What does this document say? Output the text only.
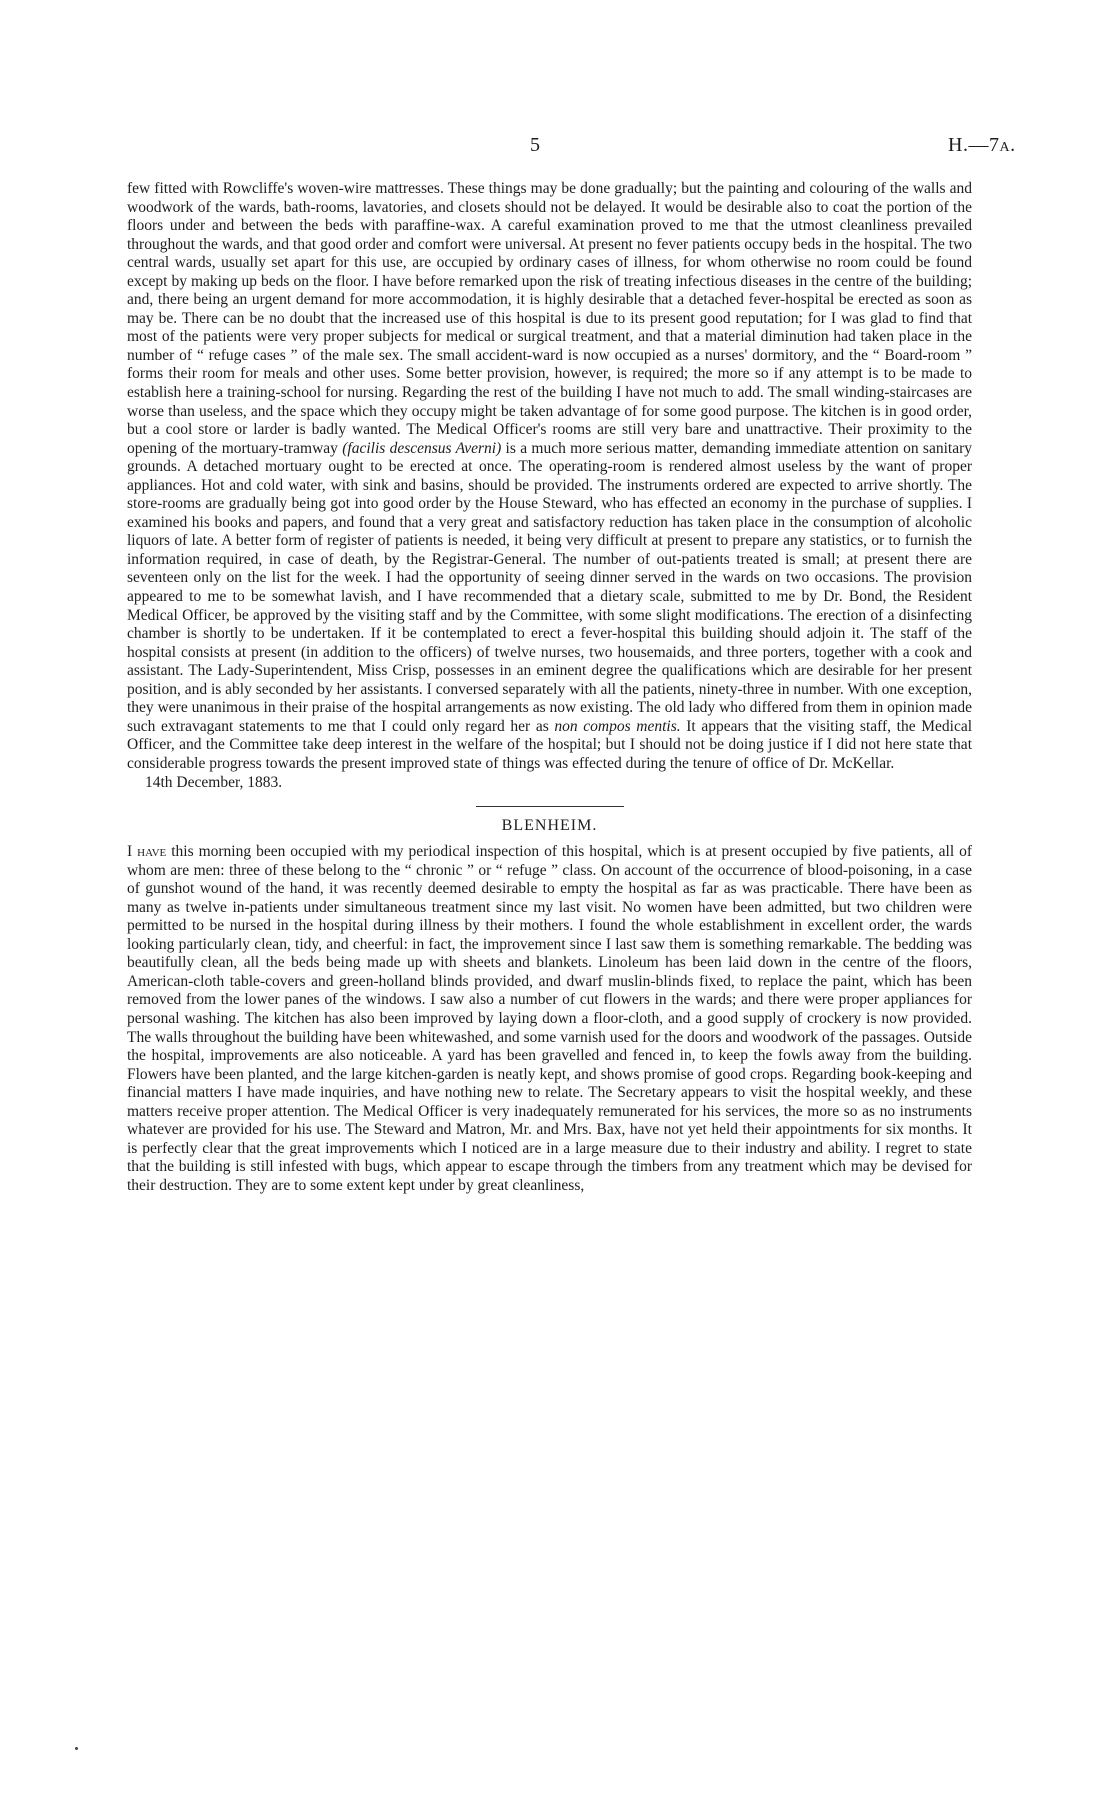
5	H.—7A.

few fitted with Rowcliffe's woven-wire mattresses. These things may be done gradually; but the painting and colouring of the walls and woodwork of the wards, bath-rooms, lavatories, and closets should not be delayed. It would be desirable also to coat the portion of the floors under and between the beds with paraffine-wax. A careful examination proved to me that the utmost cleanliness prevailed throughout the wards, and that good order and comfort were universal. At present no fever patients occupy beds in the hospital. The two central wards, usually set apart for this use, are occupied by ordinary cases of illness, for whom otherwise no room could be found except by making up beds on the floor. I have before remarked upon the risk of treating infectious diseases in the centre of the building; and, there being an urgent demand for more accommodation, it is highly desirable that a detached fever-hospital be erected as soon as may be. There can be no doubt that the increased use of this hospital is due to its present good reputation; for I was glad to find that most of the patients were very proper subjects for medical or surgical treatment, and that a material diminution had taken place in the number of “ refuge cases ” of the male sex. The small accident-ward is now occupied as a nurses' dormitory, and the “ Board-room ” forms their room for meals and other uses. Some better provision, however, is required; the more so if any attempt is to be made to establish here a training-school for nursing. Regarding the rest of the building I have not much to add. The small winding-staircases are worse than useless, and the space which they occupy might be taken advantage of for some good purpose. The kitchen is in good order, but a cool store or larder is badly wanted. The Medical Officer's rooms are still very bare and unattractive. Their proximity to the opening of the mortuary-tramway (facilis descensus Averni) is a much more serious matter, demanding immediate attention on sanitary grounds. A detached mortuary ought to be erected at once. The operating-room is rendered almost useless by the want of proper appliances. Hot and cold water, with sink and basins, should be provided. The instruments ordered are expected to arrive shortly. The store-rooms are gradually being got into good order by the House Steward, who has effected an economy in the purchase of supplies. I examined his books and papers, and found that a very great and satisfactory reduction has taken place in the consumption of alcoholic liquors of late. A better form of register of patients is needed, it being very difficult at present to prepare any statistics, or to furnish the information required, in case of death, by the Registrar-General. The number of out-patients treated is small; at present there are seventeen only on the list for the week. I had the opportunity of seeing dinner served in the wards on two occasions. The provision appeared to me to be somewhat lavish, and I have recommended that a dietary scale, submitted to me by Dr. Bond, the Resident Medical Officer, be approved by the visiting staff and by the Committee, with some slight modifications. The erection of a disinfecting chamber is shortly to be undertaken. If it be contemplated to erect a fever-hospital this building should adjoin it. The staff of the hospital consists at present (in addition to the officers) of twelve nurses, two housemaids, and three porters, together with a cook and assistant. The Lady-Superintendent, Miss Crisp, possesses in an eminent degree the qualifications which are desirable for her present position, and is ably seconded by her assistants. I conversed separately with all the patients, ninety-three in number. With one exception, they were unanimous in their praise of the hospital arrangements as now existing. The old lady who differed from them in opinion made such extravagant statements to me that I could only regard her as non compos mentis. It appears that the visiting staff, the Medical Officer, and the Committee take deep interest in the welfare of the hospital; but I should not be doing justice if I did not here state that considerable progress towards the present improved state of things was effected during the tenure of office of Dr. McKellar.

14th December, 1883.

BLENHEIM.

I have this morning been occupied with my periodical inspection of this hospital, which is at present occupied by five patients, all of whom are men: three of these belong to the “ chronic ” or “ refuge ” class. On account of the occurrence of blood-poisoning, in a case of gunshot wound of the hand, it was recently deemed desirable to empty the hospital as far as was practicable. There have been as many as twelve in-patients under simultaneous treatment since my last visit. No women have been admitted, but two children were permitted to be nursed in the hospital during illness by their mothers. I found the whole establishment in excellent order, the wards looking particularly clean, tidy, and cheerful: in fact, the improvement since I last saw them is something remarkable. The bedding was beautifully clean, all the beds being made up with sheets and blankets. Linoleum has been laid down in the centre of the floors, American-cloth table-covers and green-holland blinds provided, and dwarf muslin-blinds fixed, to replace the paint, which has been removed from the lower panes of the windows. I saw also a number of cut flowers in the wards; and there were proper appliances for personal washing. The kitchen has also been improved by laying down a floor-cloth, and a good supply of crockery is now provided. The walls throughout the building have been whitewashed, and some varnish used for the doors and woodwork of the passages. Outside the hospital, improvements are also noticeable. A yard has been gravelled and fenced in, to keep the fowls away from the building. Flowers have been planted, and the large kitchen-garden is neatly kept, and shows promise of good crops. Regarding book-keeping and financial matters I have made inquiries, and have nothing new to relate. The Secretary appears to visit the hospital weekly, and these matters receive proper attention. The Medical Officer is very inadequately remunerated for his services, the more so as no instruments whatever are provided for his use. The Steward and Matron, Mr. and Mrs. Bax, have not yet held their appointments for six months. It is perfectly clear that the great improvements which I noticed are in a large measure due to their industry and ability. I regret to state that the building is still infested with bugs, which appear to escape through the timbers from any treatment which may be devised for their destruction. They are to some extent kept under by great cleanliness,
